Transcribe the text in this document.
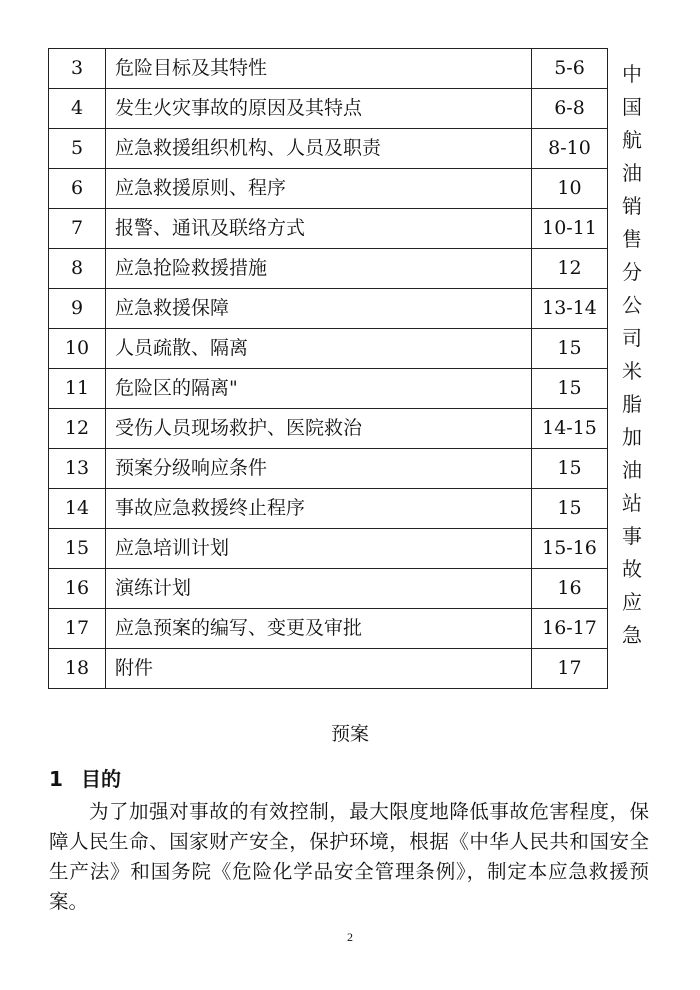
3	危险目标及其特性	5-6
4	发生火灾事故的原因及其特点	6-8
5	应急救援组织机构、人员及职责	8-10
6	应急救援原则、程序	10
7	报警、通讯及联络方式	10-11
8	应急抢险救援措施	12
9	应急救援保障	13-14
10	人员疏散、隔离	15
11	危险区的隔离"	15
12	受伤人员现场救护、医院救治	14-15
13	预案分级响应条件	15
14	事故应急救援终止程序	15
15	应急培训计划	15-16
16	演练计划	16
17	应急预案的编写、变更及审批	16-17
18	附件	17
中
国
航
油
销
售
分
公
司
米
脂
加
油
站
事
故
应
急
预案
1 目的

为了加强对事故的有效控制，最大限度地降低事故危害程度，保障人民生命、国家财产安全，保护环境，根据《中华人民共和国安全生产法》和国务院《危险化学品安全管理条例》，制定本应急救援预案。

2
